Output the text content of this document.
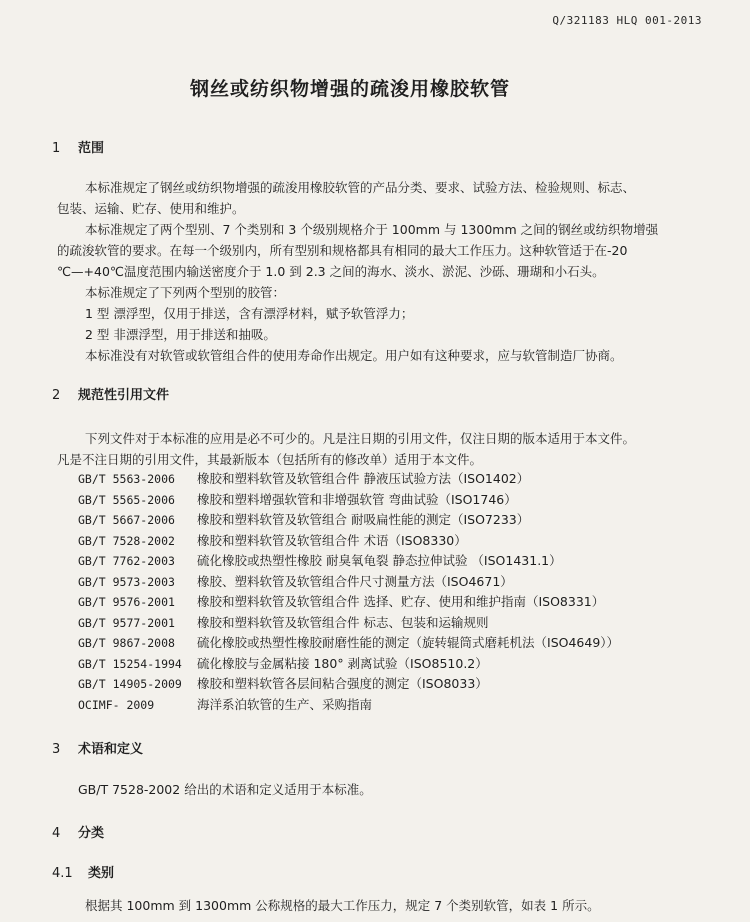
Q/321183 HLQ 001-2013
钢丝或纺织物增强的疏浚用橡胶软管
1 范围
本标准规定了钢丝或纺织物增强的疏浚用橡胶软管的产品分类、要求、试验方法、检验规则、标志、
包装、运输、贮存、使用和维护。
本标准规定了两个型别、7 个类别和 3 个级别规格介于 100mm 与 1300mm 之间的钢丝或纺织物增强
的疏浚软管的要求。在每一个级别内，所有型别和规格都具有相同的最大工作压力。这种软管适于在-20
℃—+40℃温度范围内输送密度介于 1.0 到 2.3 之间的海水、淡水、淤泥、沙砾、珊瑚和小石头。
本标准规定了下列两个型别的胶管：
1 型 漂浮型，仅用于排送，含有漂浮材料，赋予软管浮力；
2 型 非漂浮型，用于排送和抽吸。
本标准没有对软管或软管组合件的使用寿命作出规定。用户如有这种要求，应与软管制造厂协商。
2 规范性引用文件
下列文件对于本标准的应用是必不可少的。凡是注日期的引用文件，仅注日期的版本适用于本文件。
凡是不注日期的引用文件，其最新版本（包括所有的修改单）适用于本文件。
GB/T 5563-2006 橡胶和塑料软管及软管组合件 静液压试验方法（ISO1402）
GB/T 5565-2006 橡胶和塑料增强软管和非增强软管 弯曲试验（ISO1746）
GB/T 5667-2006 橡胶和塑料软管及软管组合 耐吸扁性能的测定（ISO7233）
GB/T 7528-2002 橡胶和塑料软管及软管组合件 术语（ISO8330）
GB/T 7762-2003 硫化橡胶或热塑性橡胶 耐臭氧龟裂 静态拉伸试验 （ISO1431.1）
GB/T 9573-2003 橡胶、塑料软管及软管组合件尺寸测量方法（ISO4671）
GB/T 9576-2001 橡胶和塑料软管及软管组合件 选择、贮存、使用和维护指南（ISO8331）
GB/T 9577-2001 橡胶和塑料软管及软管组合件 标志、包装和运输规则
GB/T 9867-2008 硫化橡胶或热塑性橡胶耐磨性能的测定（旋转辊筒式磨耗机法（ISO4649））
GB/T 15254-1994 硫化橡胶与金属粘接 180° 剥离试验（ISO8510.2）
GB/T 14905-2009 橡胶和塑料软管各层间粘合强度的测定（ISO8033）
OCIMF- 2009	海洋系泊软管的生产、采购指南
3 术语和定义
GB/T 7528-2002 给出的术语和定义适用于本标准。
4 分类
4.1 类别
根据其 100mm 到 1300mm 公称规格的最大工作压力，规定 7 个类别软管，如表 1 所示。
